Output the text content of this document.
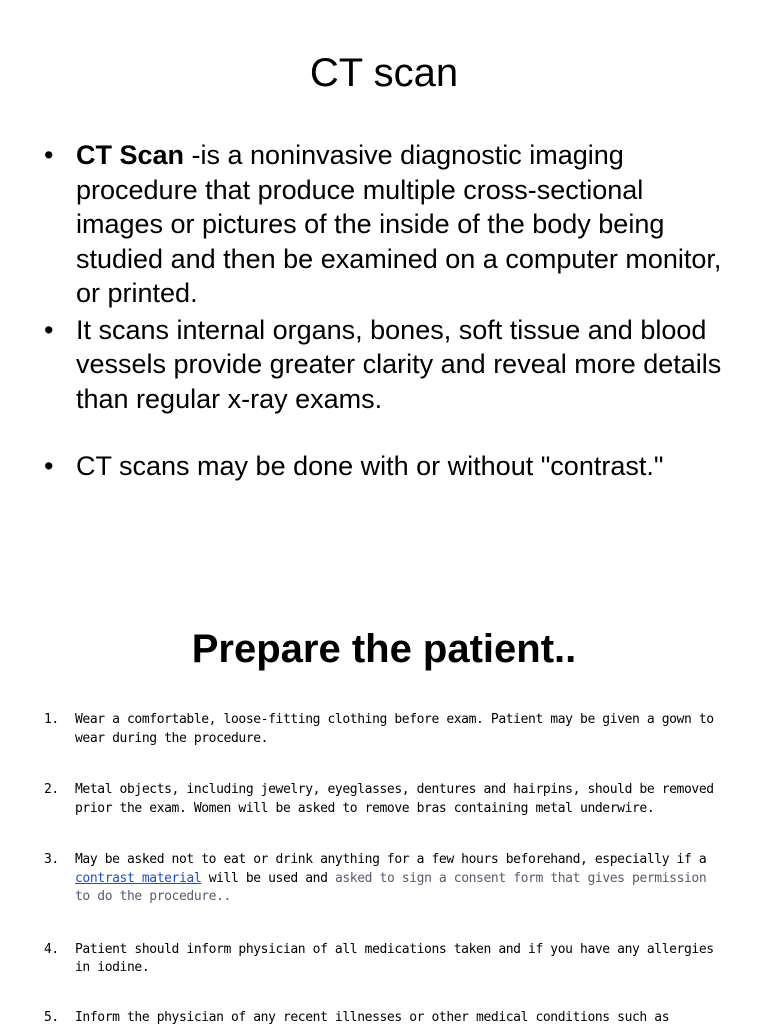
CT scan
• CT Scan -is a noninvasive diagnostic imaging procedure that produce multiple cross-sectional images or pictures of the inside of the body being studied and then be examined on a computer monitor, or printed.
• It scans internal organs, bones, soft tissue and blood vessels provide greater clarity and reveal more details than regular x-ray exams.
• CT scans may be done with or without "contrast."
Prepare the patient..
1. Wear a comfortable, loose-fitting clothing before exam. Patient may be given a gown to wear during the procedure.
2. Metal objects, including jewelry, eyeglasses, dentures and hairpins, should be removed prior the exam. Women will be asked to remove bras containing metal underwire.
3. May be asked not to eat or drink anything for a few hours beforehand, especially if a contrast material will be used and asked to sign a consent form that gives permission to do the procedure..
4. Patient should inform physician of all medications taken and if you have any allergies in iodine.
5. Inform the physician of any recent illnesses or other medical conditions such as
